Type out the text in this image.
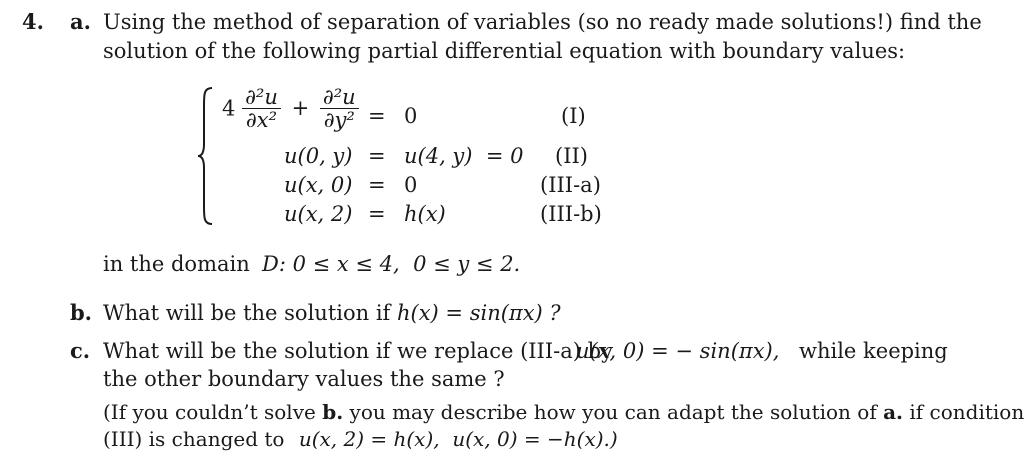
4. a. Using the method of separation of variables (so no ready made solutions!) find the
solution of the following partial differential equation with boundary values:
$4 \frac{\text{∂²u}}{\text{∂x²}} + \frac{\text{∂²u}}{\text{∂y²}} = 0$	(I)
u(0, y) = u(4, y)  = 0 (II)
u(x, 0) = 0	(III-a)
u(x, 2) = h(x)	(III-b)
in the domain D: 0 ≤ x ≤ 4,  0 ≤ y ≤ 2.
b. What will be the solution if h(x) = sin(πx) ?
c. What will be the solution if we replace (III-a) by
u(x, 0) = − sin(πx), while keeping
the other boundary values the same ?
(If you couldn’t solve b. you may describe how you can adapt the solution of a. if condition
(III) is changed to u(x, 2) = h(x),  u(x, 0) = −h(x).)
